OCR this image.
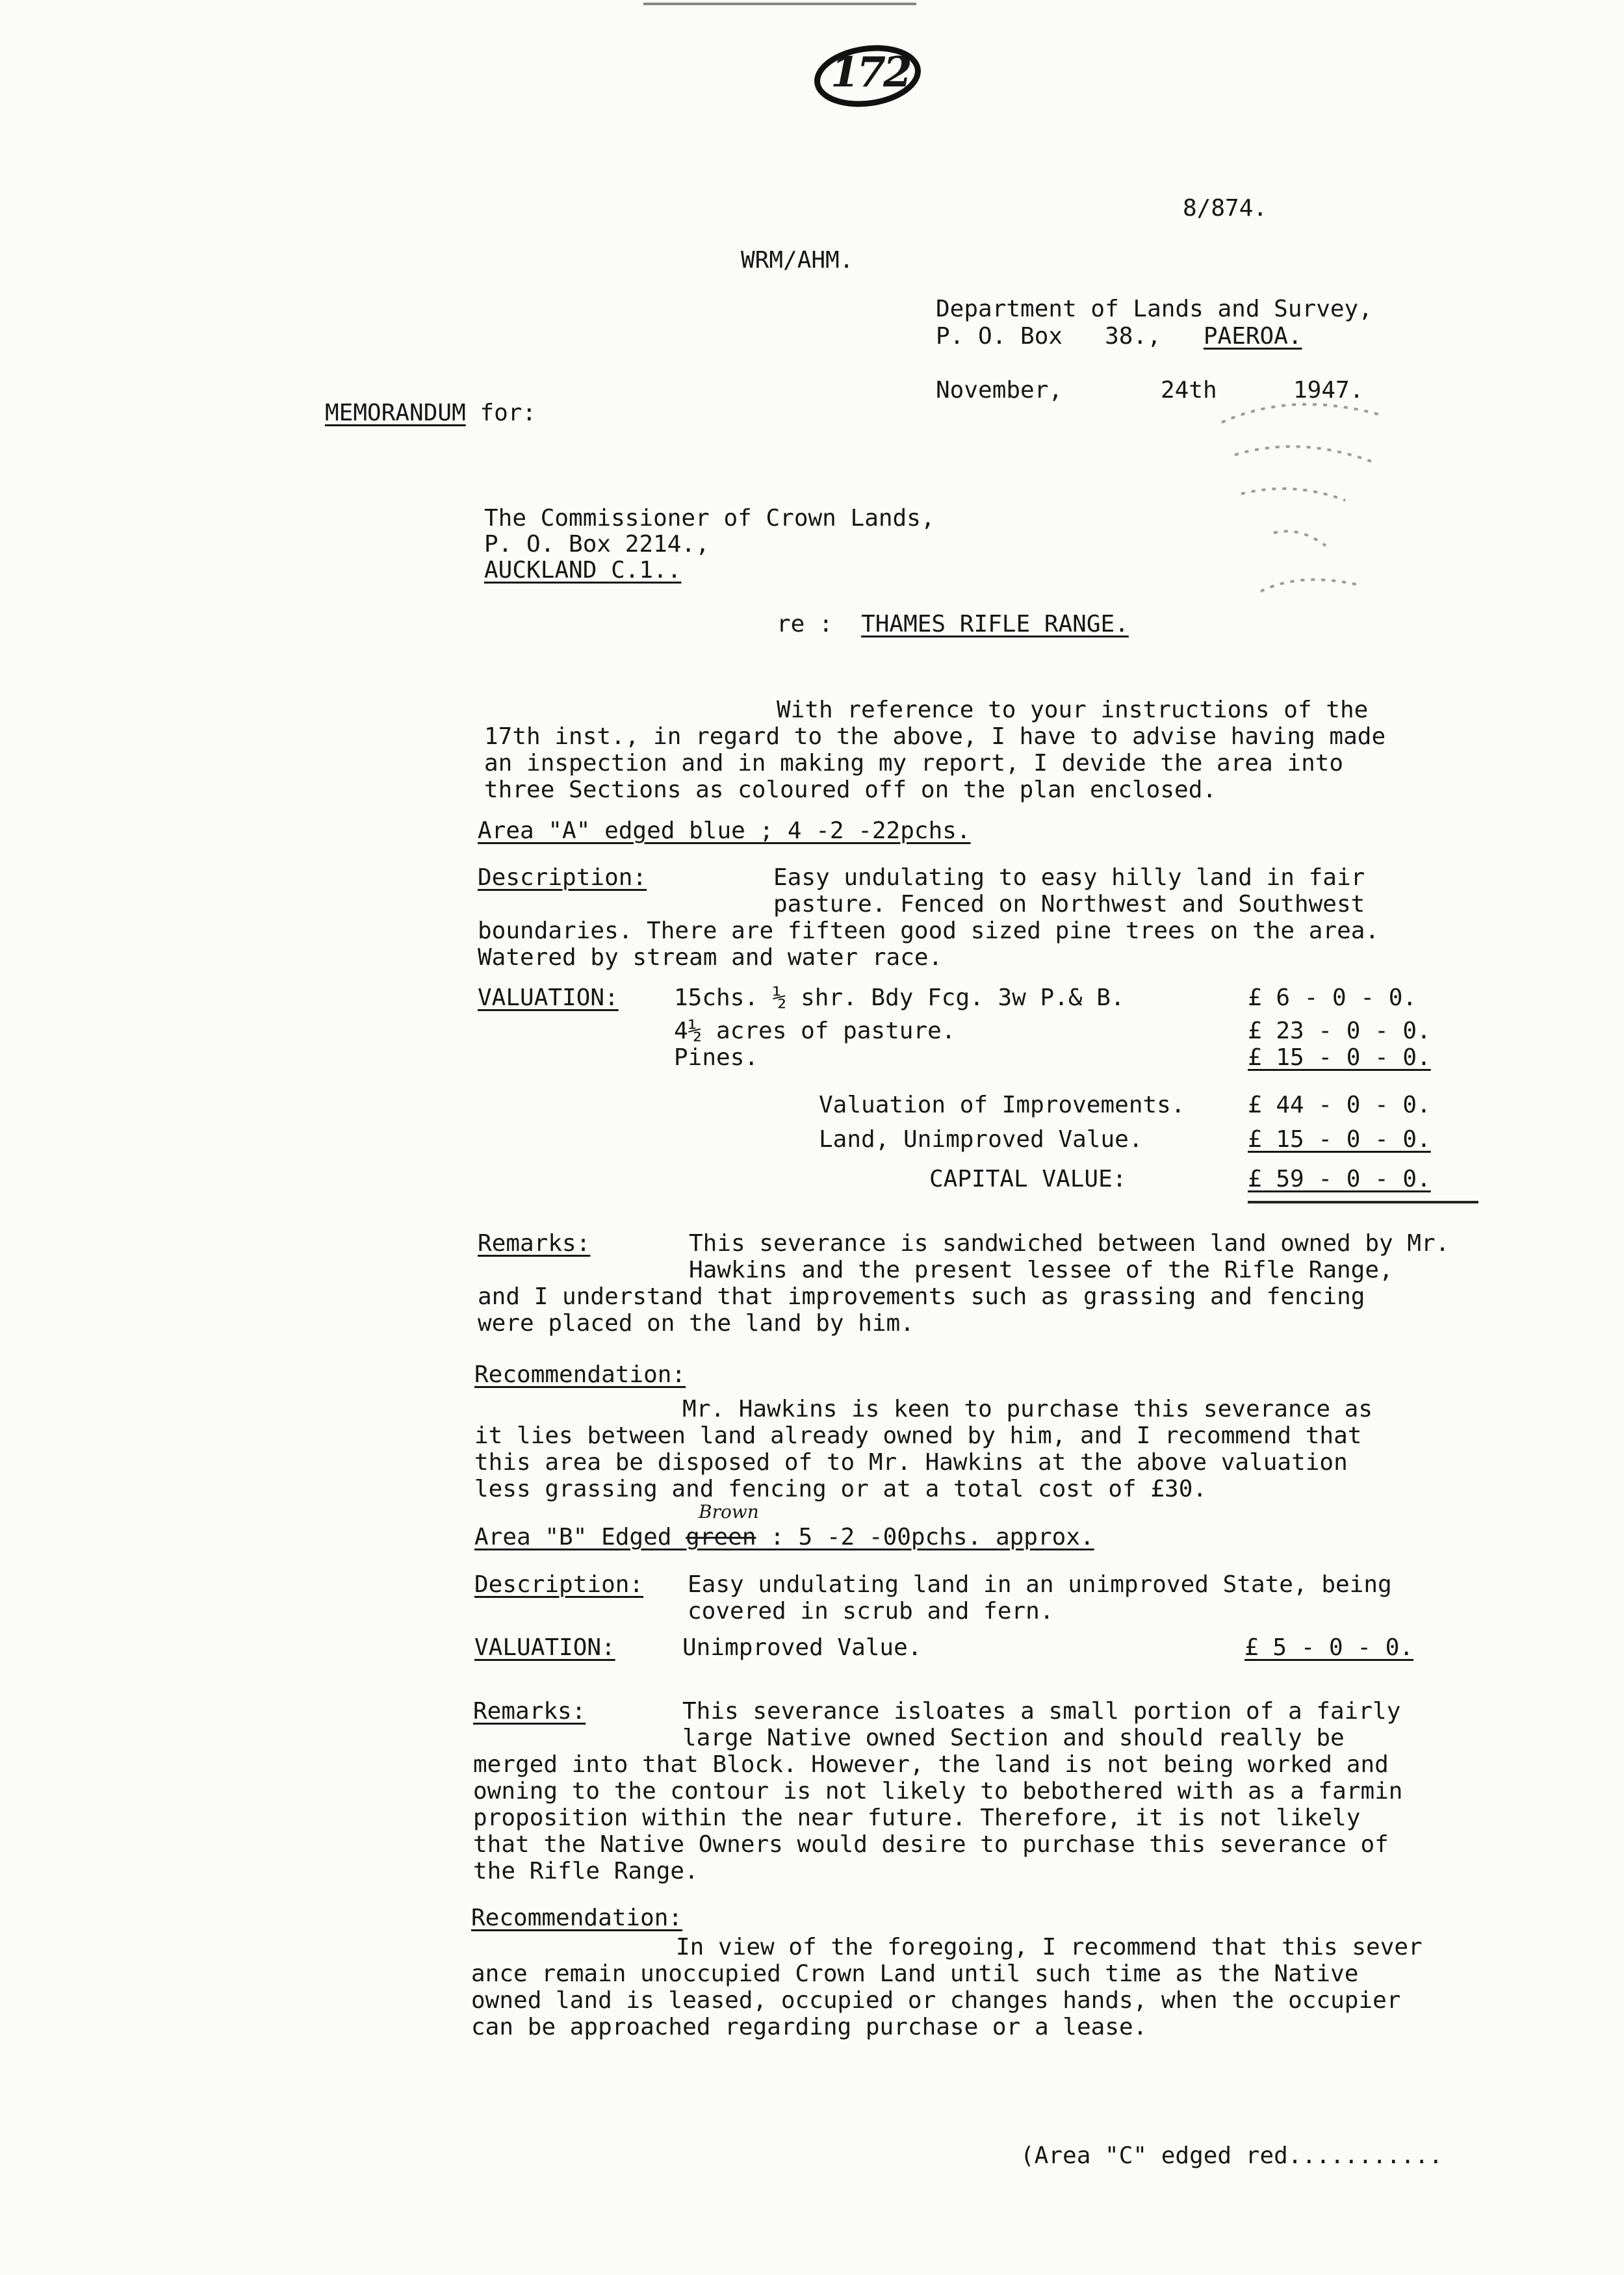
172
8/874.
WRM/AHM.
Department of Lands and Survey,
P. O. Box 38., PAEROA.
November,	24th	1947.
MEMORANDUM for:
The Commissioner of Crown Lands,
P. O. Box 2214.,
AUCKLAND C.1..
re : THAMES RIFLE RANGE.
With reference to your instructions of the
17th inst., in regard to the above, I have to advise having made
an inspection and in making my report, I devide the area into
three Sections as coloured off on the plan enclosed.
Area "A" edged blue ; 4 -2 -22pchs.
Description:	Easy undulating to easy hilly land in fair
pasture. Fenced on Northwest and Southwest
boundaries. There are fifteen good sized pine trees on the area.
Watered by stream and water race.
VALUATION: 15chs. ½ shr. Bdy Fcg. 3w P.& B.	£ 6 - 0 - 0.
4½ acres of pasture.	£ 23 - 0 - 0.
Pines.	£ 15 - 0 - 0.
Valuation of Improvements.	£ 44 - 0 - 0.
Land, Unimproved Value.	£ 15 - 0 - 0.
CAPITAL VALUE:	£ 59 - 0 - 0.
Remarks:	This severance is sandwiched between land owned by Mr.
Hawkins and the present lessee of the Rifle Range,
and I understand that improvements such as grassing and fencing
were placed on the land by him.
Recommendation:
Mr. Hawkins is keen to purchase this severance as
it lies between land already owned by him, and I recommend that
this area be disposed of to Mr. Hawkins at the above valuation
less grassing and fencing or at a total cost of £30.
Brown
Area "B" Edged green : 5 -2 -00pchs. approx.
Description: Easy undulating land in an unimproved State, being
covered in scrub and fern.
VALUATION:	Unimproved Value.	£ 5 - 0 - 0.
Remarks:	This severance isloates a small portion of a fairly
large Native owned Section and should really be
merged into that Block. However, the land is not being worked and
owning to the contour is not likely to bebothered with as a farmin
proposition within the near future. Therefore, it is not likely
that the Native Owners would desire to purchase this severance of
the Rifle Range.
Recommendation:
In view of the foregoing, I recommend that this sever
ance remain unoccupied Crown Land until such time as the Native
owned land is leased, occupied or changes hands, when the occupier
can be approached regarding purchase or a lease.
(Area "C" edged red...........
